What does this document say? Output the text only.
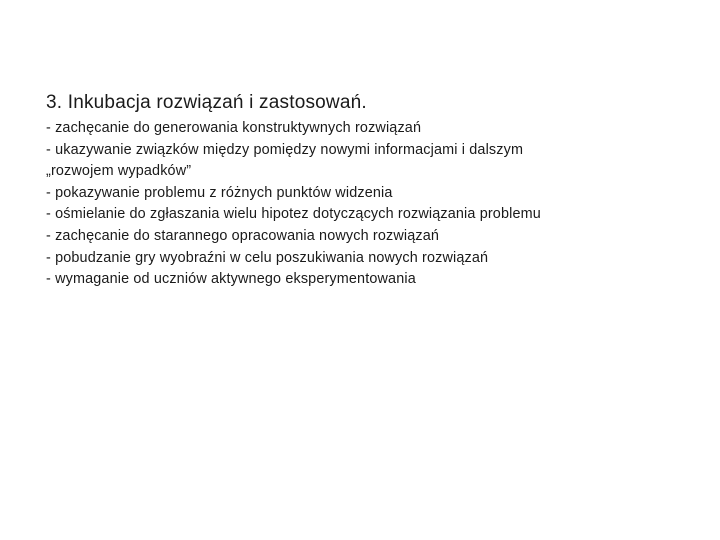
3. Inkubacja rozwiązań i zastosowań.
- zachęcanie do generowania konstruktywnych rozwiązań
- ukazywanie związków między pomiędzy nowymi informacjami i dalszym
„rozwojem wypadków”
- pokazywanie problemu z różnych punktów widzenia
- ośmielanie do zgłaszania wielu hipotez dotyczących rozwiązania problemu
- zachęcanie do starannego opracowania nowych rozwiązań
- pobudzanie gry wyobraźni w celu poszukiwania nowych rozwiązań
- wymaganie od uczniów aktywnego eksperymentowania
